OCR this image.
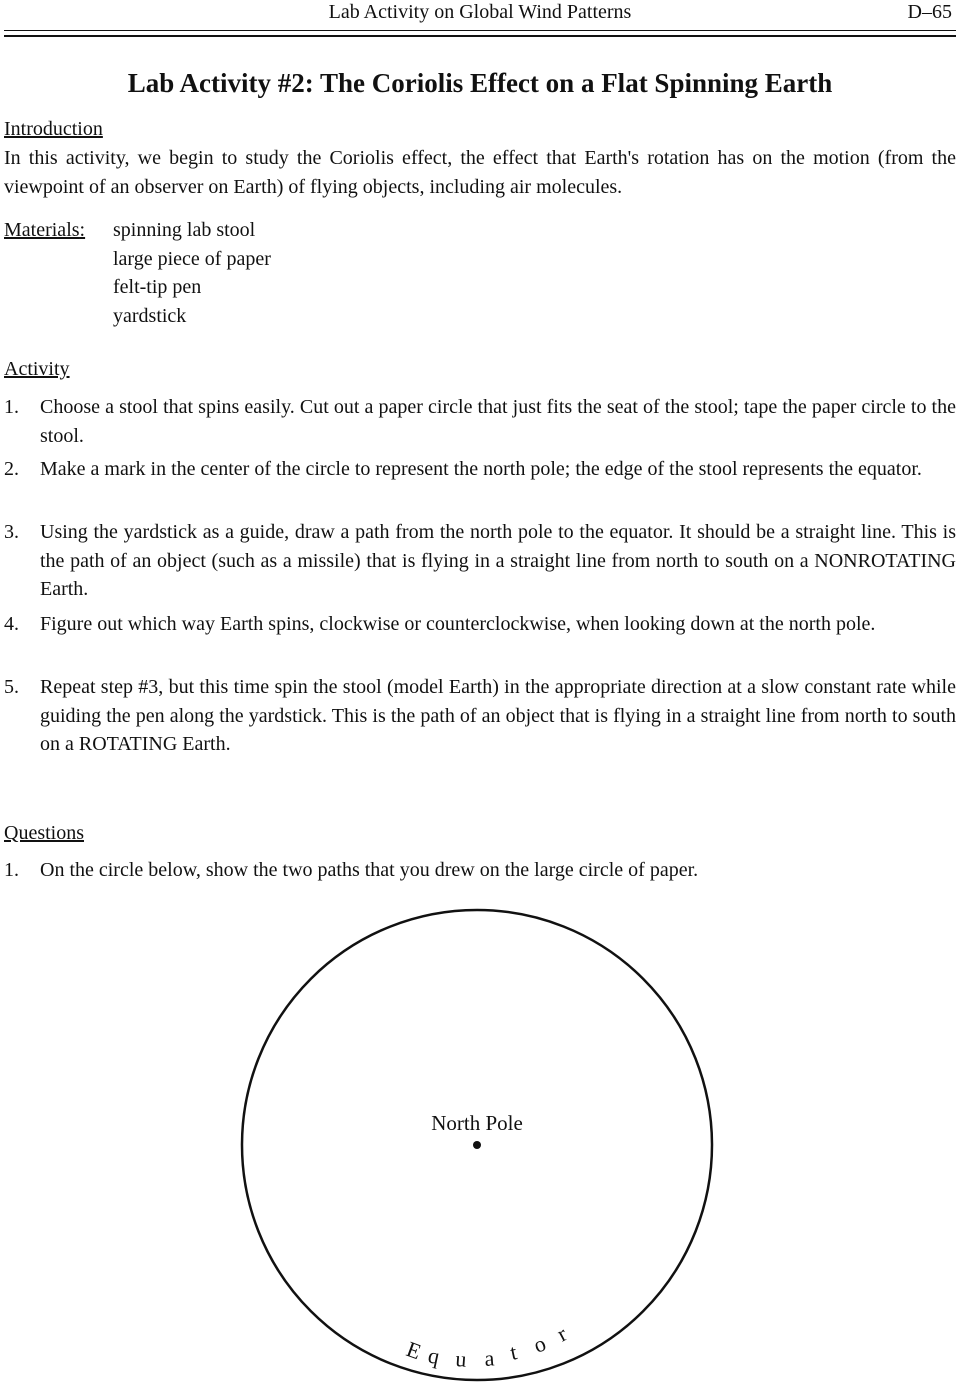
Lab Activity on Global Wind Patterns	D–65
Lab Activity #2: The Coriolis Effect on a Flat Spinning Earth
Introduction
In this activity, we begin to study the Coriolis effect, the effect that Earth's rotation has on the motion (from the viewpoint of an observer on Earth) of flying objects, including air molecules.
Materials: spinning lab stool
large piece of paper
felt-tip pen
yardstick
Activity
1. Choose a stool that spins easily. Cut out a paper circle that just fits the seat of the stool; tape the paper circle to the stool.
2. Make a mark in the center of the circle to represent the north pole; the edge of the stool represents the equator.
3. Using the yardstick as a guide, draw a path from the north pole to the equator. It should be a straight line. This is the path of an object (such as a missile) that is flying in a straight line from north to south on a NONROTATING Earth.
4. Figure out which way Earth spins, clockwise or counterclockwise, when looking down at the north pole.
5. Repeat step #3, but this time spin the stool (model Earth) in the appropriate direction at a slow constant rate while guiding the pen along the yardstick. This is the path of an object that is flying in a straight line from north to south on a ROTATING Earth.
Questions
1. On the circle below, show the two paths that you drew on the large circle of paper.
North Pole
E q u a t o r
